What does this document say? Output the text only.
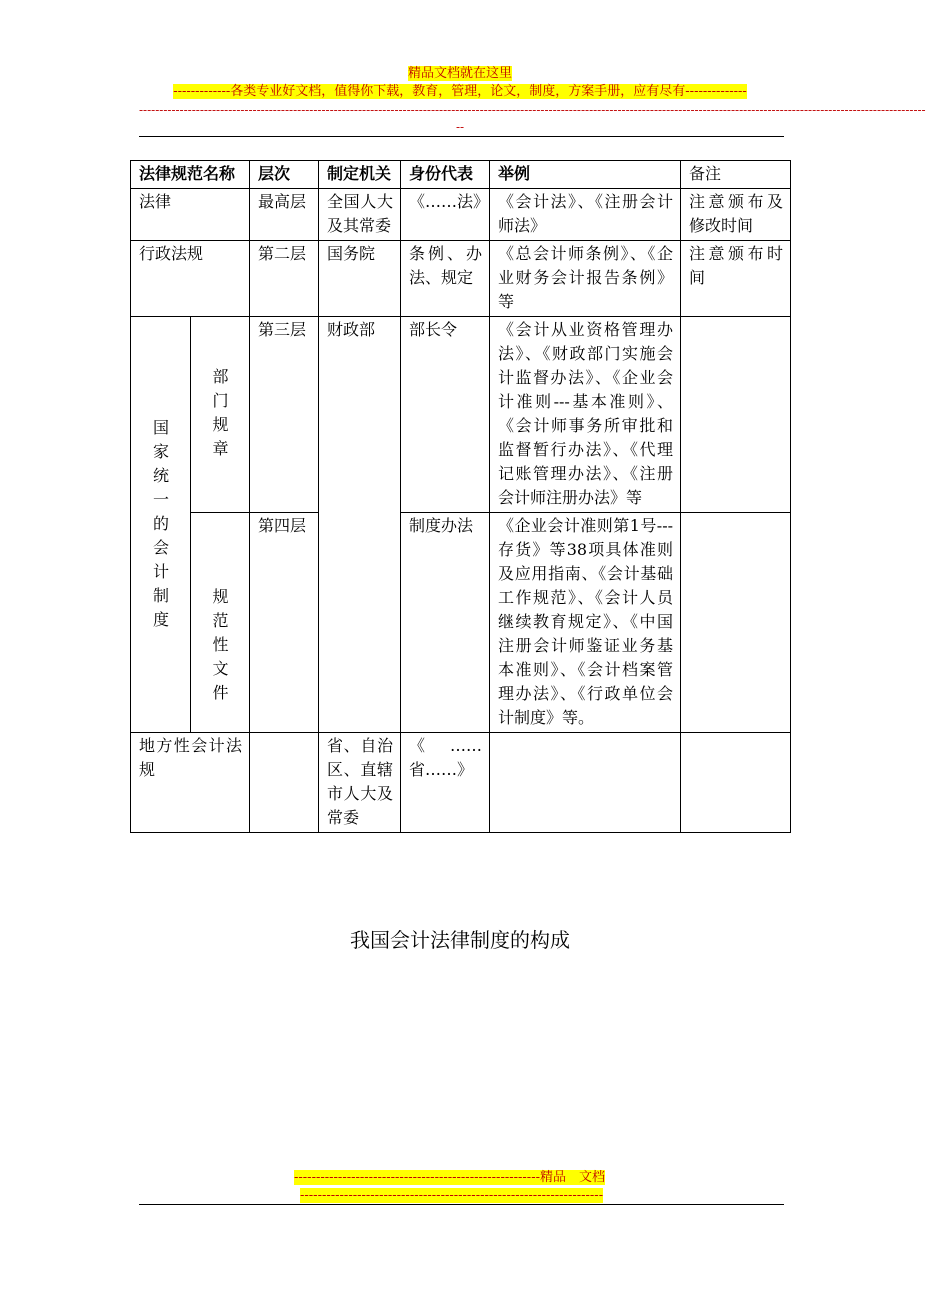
精品文档就在这里
-------------各类专业好文档，值得你下载，教育，管理，论文，制度，方案手册，应有尽有--------------
--------------------------------------------------------------------------------------------------------------------------------------------------------------------------------------------------
--
法律规范名称		层次	制定机关	身份代表	举例	备注
法律		最高层	全国人大及其常委	《……法》	《会计法》、《注册会计师法》	注意颁布及修改时间
行政法规		第二层	国务院	条例、办法、规定	《总会计师条例》、《企业财务会计报告条例》等	注意颁布时间

国家统一的会计制度	部门规章	第三层	财政部	部长令	《会计从业资格管理办法》、《财政部门实施会计监督办法》、《企业会计准则---基本准则》、《会计师事务所审批和监督暂行办法》、《代理记账管理办法》、《注册会计师注册办法》等	

	规范性文件	第四层		制度办法	《企业会计准则第1号---存货》等38项具体准则及应用指南、《会计基础工作规范》、《会计人员继续教育规定》、《中国注册会计师鉴证业务基本准则》、《会计档案管理办法》、《行政单位会计制度》等。	
地方性会计法规			省、自治区、直辖市人大及常委	《……省……》		
我国会计法律制度的构成
--------------------------------------------------------精品　文档
---------------------------------------------------------------------
